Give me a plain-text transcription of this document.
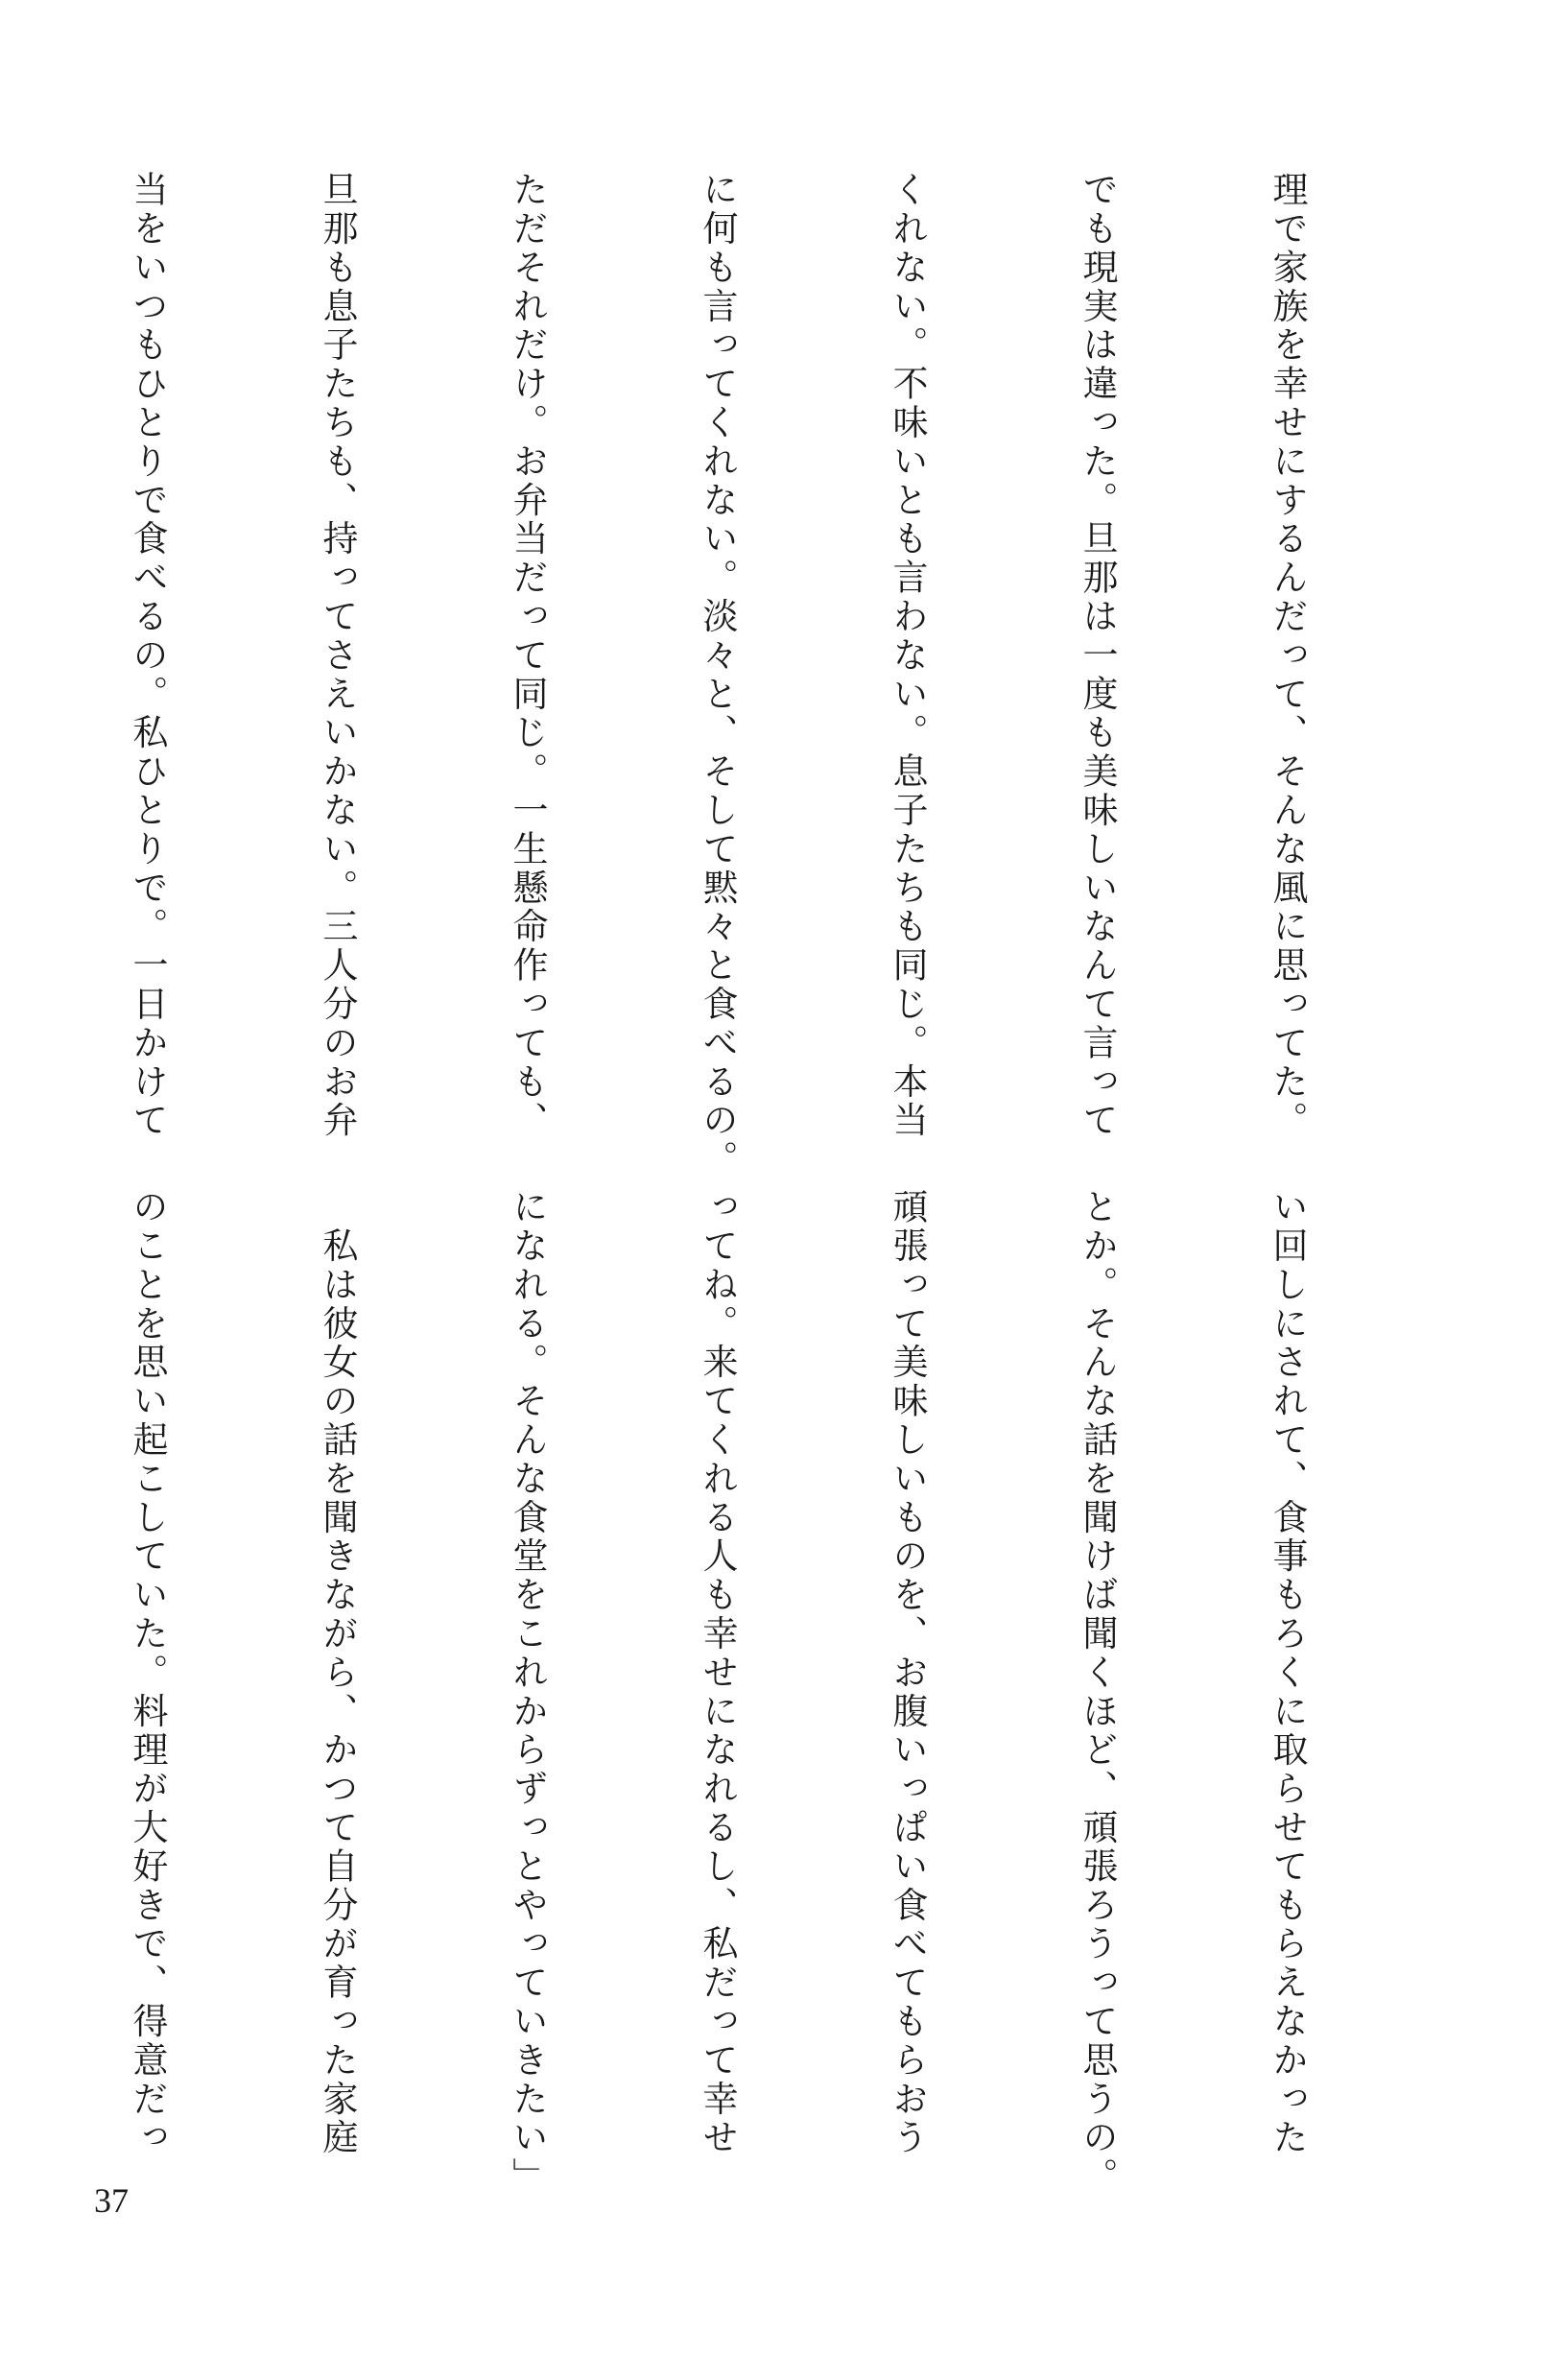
理で家族を幸せにするんだって、そんな風に思ってた。

でも現実は違った。旦那は一度も美味しいなんて言って

くれない。不味いとも言わない。息子たちも同じ。本当

に何も言ってくれない。淡々と、そして黙々と食べるの。

ただそれだけ。お弁当だって同じ。一生懸命作っても、

旦那も息子たちも、持ってさえいかない。三人分のお弁

当をいつもひとりで食べるの。私ひとりで。一日かけて

い回しにされて、食事もろくに取らせてもらえなかった

とか。そんな話を聞けば聞くほど、頑張ろうって思うの。

頑張って美味しいものを、お腹いっぱい食べてもらおう

ってね。来てくれる人も幸せになれるし、私だって幸せ

になれる。そんな食堂をこれからずっとやっていきたい」

　私は彼女の話を聞きながら、かつて自分が育った家庭

のことを思い起こしていた。料理が大好きで、得意だっ

37
